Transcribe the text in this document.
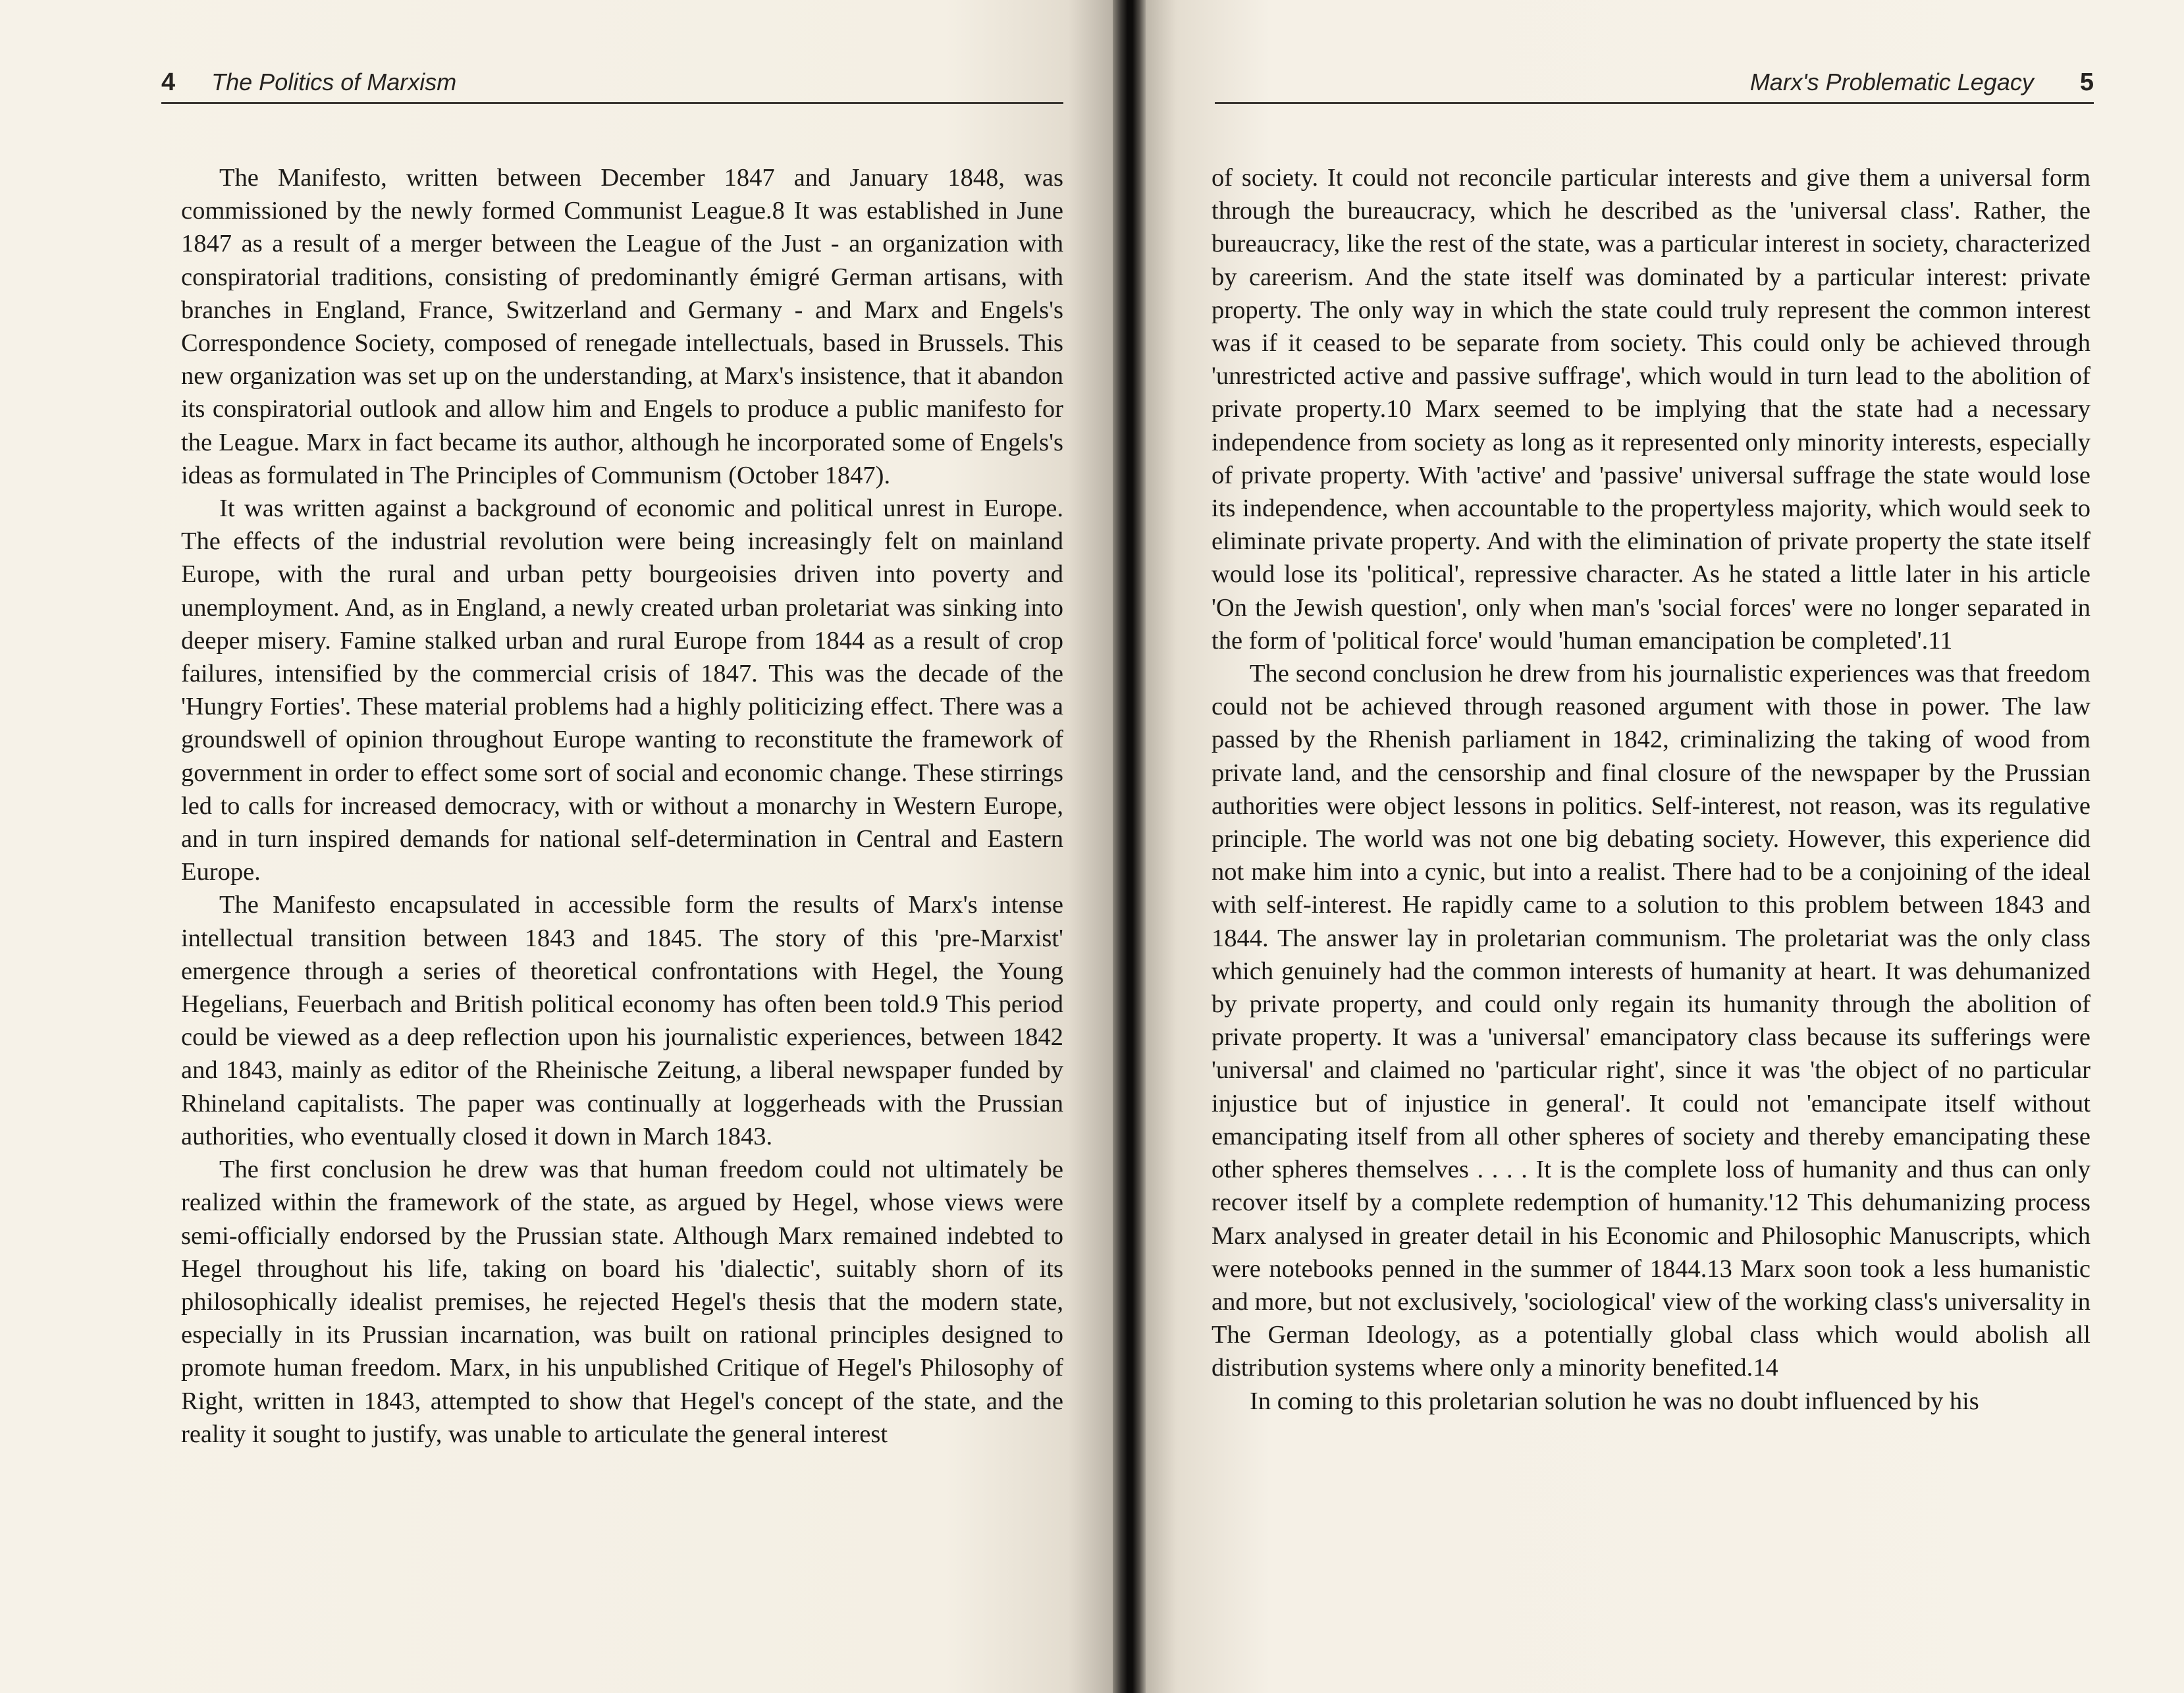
4 The Politics of Marxism	Marx's Problematic Legacy 5

The Manifesto, written between December 1847 and January 1848, was commissioned by the newly formed Communist League.8 It was established in June 1847 as a result of a merger between the League of the Just - an organization with conspiratorial traditions, consisting of predominantly émigré German artisans, with branches in England, France, Switzerland and Germany - and Marx and Engels's Correspondence Society, composed of renegade intellectuals, based in Brussels. This new organization was set up on the understanding, at Marx's insistence, that it abandon its conspiratorial outlook and allow him and Engels to produce a public manifesto for the League. Marx in fact became its author, although he incorporated some of Engels's ideas as formulated in The Principles of Communism (October 1847).

It was written against a background of economic and political unrest in Europe. The effects of the industrial revolution were being increasingly felt on mainland Europe, with the rural and urban petty bourgeoisies driven into poverty and unemployment. And, as in England, a newly created urban proletariat was sinking into deeper misery. Famine stalked urban and rural Europe from 1844 as a result of crop failures, intensified by the commercial crisis of 1847. This was the decade of the 'Hungry Forties'. These material problems had a highly politicizing effect. There was a groundswell of opinion throughout Europe wanting to reconstitute the framework of government in order to effect some sort of social and economic change. These stirrings led to calls for increased democracy, with or without a monarchy in Western Europe, and in turn inspired demands for national self-determination in Central and Eastern Europe.

The Manifesto encapsulated in accessible form the results of Marx's intense intellectual transition between 1843 and 1845. The story of this 'pre-Marxist' emergence through a series of theoretical confrontations with Hegel, the Young Hegelians, Feuerbach and British political economy has often been told.9 This period could be viewed as a deep reflection upon his journalistic experiences, between 1842 and 1843, mainly as editor of the Rheinische Zeitung, a liberal newspaper funded by Rhineland capitalists. The paper was continually at loggerheads with the Prussian authorities, who eventually closed it down in March 1843.

The first conclusion he drew was that human freedom could not ultimately be realized within the framework of the state, as argued by Hegel, whose views were semi-officially endorsed by the Prussian state. Although Marx remained indebted to Hegel throughout his life, taking on board his 'dialectic', suitably shorn of its philosophically idealist premises, he rejected Hegel's thesis that the modern state, especially in its Prussian incarnation, was built on rational principles designed to promote human freedom. Marx, in his unpublished Critique of Hegel's Philosophy of Right, written in 1843, attempted to show that Hegel's concept of the state, and the reality it sought to justify, was unable to articulate the general interest

of society. It could not reconcile particular interests and give them a universal form through the bureaucracy, which he described as the 'universal class'. Rather, the bureaucracy, like the rest of the state, was a particular interest in society, characterized by careerism. And the state itself was dominated by a particular interest: private property. The only way in which the state could truly represent the common interest was if it ceased to be separate from society. This could only be achieved through 'unrestricted active and passive suffrage', which would in turn lead to the abolition of private property.10 Marx seemed to be implying that the state had a necessary independence from society as long as it represented only minority interests, especially of private property. With 'active' and 'passive' universal suffrage the state would lose its independence, when accountable to the propertyless majority, which would seek to eliminate private property. And with the elimination of private property the state itself would lose its 'political', repressive character. As he stated a little later in his article 'On the Jewish question', only when man's 'social forces' were no longer separated in the form of 'political force' would 'human emancipation be completed'.11

The second conclusion he drew from his journalistic experiences was that freedom could not be achieved through reasoned argument with those in power. The law passed by the Rhenish parliament in 1842, criminalizing the taking of wood from private land, and the censorship and final closure of the newspaper by the Prussian authorities were object lessons in politics. Self-interest, not reason, was its regulative principle. The world was not one big debating society. However, this experience did not make him into a cynic, but into a realist. There had to be a conjoining of the ideal with self-interest. He rapidly came to a solution to this problem between 1843 and 1844. The answer lay in proletarian communism. The proletariat was the only class which genuinely had the common interests of humanity at heart. It was dehumanized by private property, and could only regain its humanity through the abolition of private property. It was a 'universal' emancipatory class because its sufferings were 'universal' and claimed no 'particular right', since it was 'the object of no particular injustice but of injustice in general'. It could not 'emancipate itself without emancipating itself from all other spheres of society and thereby emancipating these other spheres themselves . . . . It is the complete loss of humanity and thus can only recover itself by a complete redemption of humanity.'12 This dehumanizing process Marx analysed in greater detail in his Economic and Philosophic Manuscripts, which were notebooks penned in the summer of 1844.13 Marx soon took a less humanistic and more, but not exclusively, 'sociological' view of the working class's universality in The German Ideology, as a potentially global class which would abolish all distribution systems where only a minority benefited.14

In coming to this proletarian solution he was no doubt influenced by his
